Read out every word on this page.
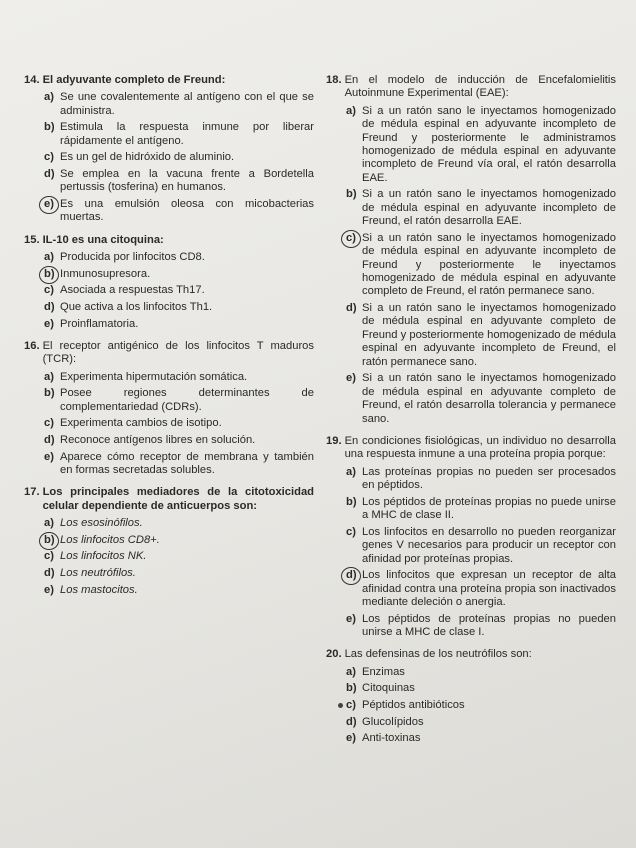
14. El adyuvante completo de Freund:
a) Se une covalentemente al antígeno con el que se administra.
b) Estimula la respuesta inmune por liberar rápidamente el antígeno.
c) Es un gel de hidróxido de aluminio.
d) Se emplea en la vacuna frente a Bordetella pertussis (tosferina) en humanos.
e) Es una emulsión oleosa con micobacterias muertas.
15. IL-10 es una citoquina:
a) Producida por linfocitos CD8.
b) Inmunosupresora.
c) Asociada a respuestas Th17.
d) Que activa a los linfocitos Th1.
e) Proinflamatoria.
16. El receptor antigénico de los linfocitos T maduros (TCR):
a) Experimenta hipermutación somática.
b) Posee regiones determinantes de complementariedad (CDRs).
c) Experimenta cambios de isotipo.
d) Reconoce antígenos libres en solución.
e) Aparece cómo receptor de membrana y también en formas secretadas solubles.
17. Los principales mediadores de la citotoxicidad celular dependiente de anticuerpos son:
a) Los esosinófilos.
b) Los linfocitos CD8+.
c) Los linfocitos NK.
d) Los neutrófilos.
e) Los mastocitos.
18. En el modelo de inducción de Encefalomielitis Autoinmune Experimental (EAE):
a) Si a un ratón sano le inyectamos homogenizado de médula espinal en adyuvante incompleto de Freund y posteriormente le administramos homogenizado de médula espinal en adyuvante incompleto de Freund vía oral, el ratón desarrolla EAE.
b) Si a un ratón sano le inyectamos homogenizado de médula espinal en adyuvante incompleto de Freund, el ratón desarrolla EAE.
c) Si a un ratón sano le inyectamos homogenizado de médula espinal en adyuvante incompleto de Freund y posteriormente le inyectamos homogenizado de médula espinal en adyuvante completo de Freund, el ratón permanece sano.
d) Si a un ratón sano le inyectamos homogenizado de médula espinal en adyuvante completo de Freund y posteriormente homogenizado de médula espinal en adyuvante incompleto de Freund, el ratón permanece sano.
e) Si a un ratón sano le inyectamos homogenizado de médula espinal en adyuvante completo de Freund, el ratón desarrolla tolerancia y permanece sano.
19. En condiciones fisiológicas, un individuo no desarrolla una respuesta inmune a una proteína propia porque:
a) Las proteínas propias no pueden ser procesados en péptidos.
b) Los péptidos de proteínas propias no puede unirse a MHC de clase II.
c) Los linfocitos en desarrollo no pueden reorganizar genes V necesarios para producir un receptor con afinidad por proteínas propias.
d) Los linfocitos que expresan un receptor de alta afinidad contra una proteína propia son inactivados mediante deleción o anergia.
e) Los péptidos de proteínas propias no pueden unirse a MHC de clase I.
20. Las defensinas de los neutrófilos son:
a) Enzimas
b) Citoquinas
c) Péptidos antibióticos
d) Glucolípidos
e) Anti-toxinas
